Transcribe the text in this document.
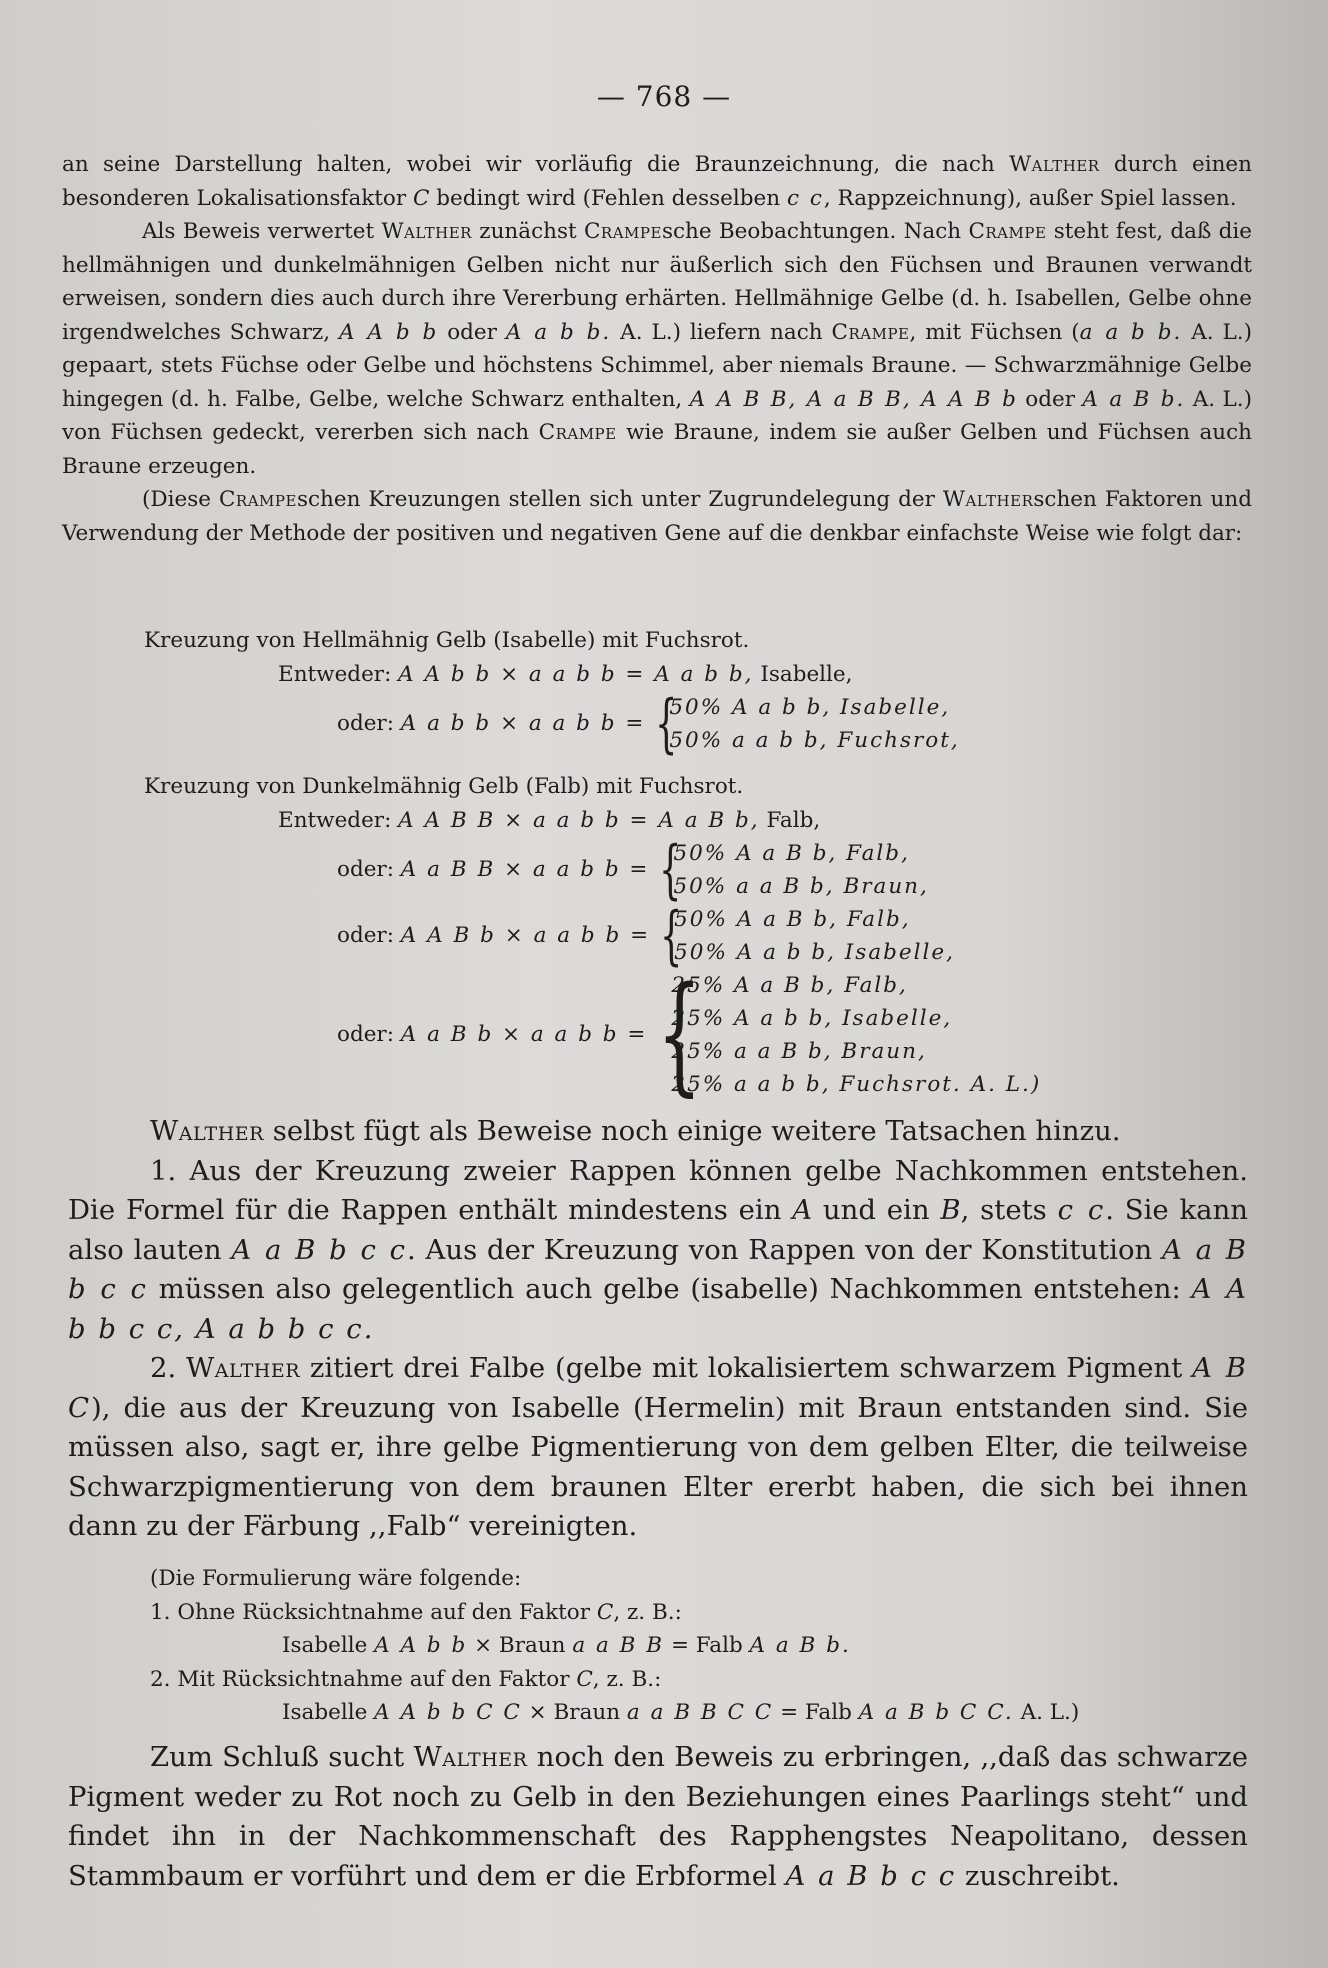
— 768 —

an seine Darstellung halten, wobei wir vorläufig die Braunzeichnung, die nach Walther durch einen besonderen Lokalisationsfaktor C bedingt wird (Fehlen desselben c c, Rappzeichnung), außer Spiel lassen.

Als Beweis verwertet Walther zunächst Crampesche Beobachtungen. Nach Crampe steht fest, daß die hellmähnigen und dunkelmähnigen Gelben nicht nur äußerlich sich den Füchsen und Braunen verwandt erweisen, sondern dies auch durch ihre Vererbung erhärten. Hellmähnige Gelbe (d. h. Isabellen, Gelbe ohne irgendwelches Schwarz, A A b b oder A a b b. A. L.) liefern nach Crampe, mit Füchsen (a a b b. A. L.) gepaart, stets Füchse oder Gelbe und höchstens Schimmel, aber niemals Braune. — Schwarzmähnige Gelbe hingegen (d. h. Falbe, Gelbe, welche Schwarz enthalten, A A B B, A a B B, A A B b oder A a B b. A. L.) von Füchsen gedeckt, vererben sich nach Crampe wie Braune, indem sie außer Gelben und Füchsen auch Braune erzeugen.

(Diese Crampeschen Kreuzungen stellen sich unter Zugrundelegung der Waltherschen Faktoren und Verwendung der Methode der positiven und negativen Gene auf die denkbar einfachste Weise wie folgt dar:

Kreuzung von Hellmähnig Gelb (Isabelle) mit Fuchsrot.
Entweder: A A b b × a a b b = A a b b, Isabelle,
oder: A a b b × a a b b = {
50% A a b b, Isabelle,
50% a a b b, Fuchsrot,
Kreuzung von Dunkelmähnig Gelb (Falb) mit Fuchsrot.
Entweder: A A B B × a a b b = A a B b, Falb,
oder: A a B B × a a b b = {
50% A a B b, Falb,
50% a a B b, Braun,
oder: A A B b × a a b b = {
50% A a B b, Falb,
50% A a b b, Isabelle,
oder: A a B b × a a b b = {
25% A a B b, Falb,
25% A a b b, Isabelle,
25% a a B b, Braun,
25% a a b b, Fuchsrot. A. L.)

Walther selbst fügt als Beweise noch einige weitere Tatsachen hinzu.

1. Aus der Kreuzung zweier Rappen können gelbe Nachkommen entstehen. Die Formel für die Rappen enthält mindestens ein A und ein B, stets c c. Sie kann also lauten A a B b c c. Aus der Kreuzung von Rappen von der Konstitution A a B b c c müssen also gelegentlich auch gelbe (isabelle) Nachkommen entstehen: A A b b c c, A a b b c c.

2. Walther zitiert drei Falbe (gelbe mit lokalisiertem schwarzem Pigment A B C), die aus der Kreuzung von Isabelle (Hermelin) mit Braun entstanden sind. Sie müssen also, sagt er, ihre gelbe Pigmentierung von dem gelben Elter, die teilweise Schwarzpigmentierung von dem braunen Elter ererbt haben, die sich bei ihnen dann zu der Färbung ,,Falb“ vereinigten.

(Die Formulierung wäre folgende:
1. Ohne Rücksichtnahme auf den Faktor C, z. B.:
Isabelle A A b b × Braun a a B B = Falb A a B b.
2. Mit Rücksichtnahme auf den Faktor C, z. B.:
Isabelle A A b b C C × Braun a a B B C C = Falb A a B b C C. A. L.)

Zum Schluß sucht Walther noch den Beweis zu erbringen, ,,daß das schwarze Pigment weder zu Rot noch zu Gelb in den Beziehungen eines Paarlings steht“ und findet ihn in der Nachkommenschaft des Rapphengstes Neapolitano, dessen Stammbaum er vorführt und dem er die Erbformel A a B b c c zuschreibt.
